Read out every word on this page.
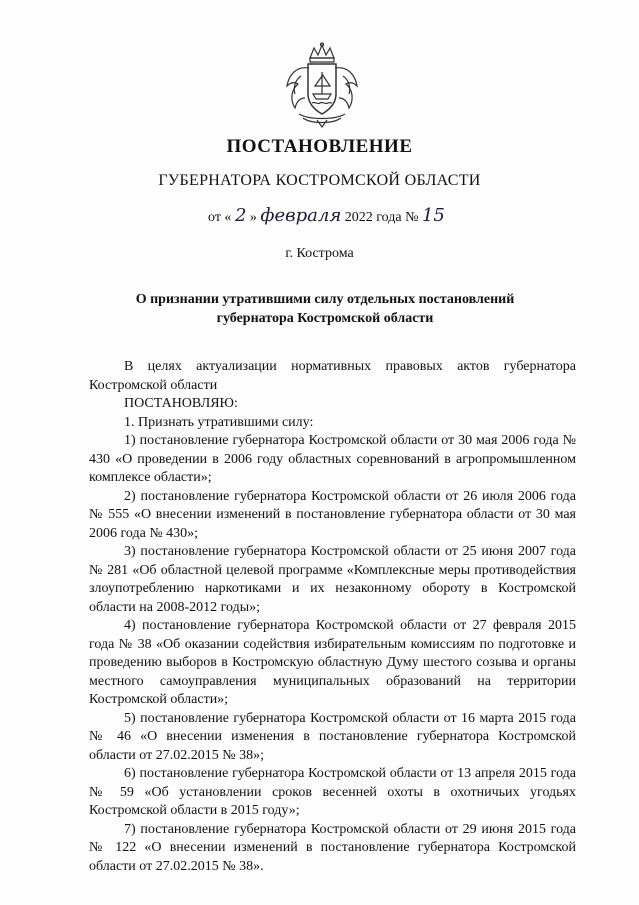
ПОСТАНОВЛЕНИЕ
ГУБЕРНАТОРА КОСТРОМСКОЙ ОБЛАСТИ
от « 2 » февраля 2022 года № 15
г. Кострома
О признании утратившими силу отдельных постановлений
губернатора Костромской области

В целях актуализации нормативных правовых актов губернатора Костромской области

ПОСТАНОВЛЯЮ:

1. Признать утратившими силу:

1) постановление губернатора Костромской области от 30 мая 2006 года № 430 «О проведении в 2006 году областных соревнований в агропромышленном комплексе области»;

2) постановление губернатора Костромской области от 26 июля 2006 года № 555 «О внесении изменений в постановление губернатора области от 30 мая 2006 года № 430»;

3) постановление губернатора Костромской области от 25 июня 2007 года № 281 «Об областной целевой программе «Комплексные меры противодействия злоупотреблению наркотиками и их незаконному обороту в Костромской области на 2008-2012 годы»;

4) постановление губернатора Костромской области от 27 февраля 2015 года № 38 «Об оказании содействия избирательным комиссиям по подготовке и проведению выборов в Костромскую областную Думу шестого созыва и органы местного самоуправления муниципальных образований на территории Костромской области»;

5) постановление губернатора Костромской области от 16 марта 2015 года № 46 «О внесении изменения в постановление губернатора Костромской области от 27.02.2015 № 38»;

6) постановление губернатора Костромской области от 13 апреля 2015 года № 59 «Об установлении сроков весенней охоты в охотничьих угодьях Костромской области в 2015 году»;

7) постановление губернатора Костромской области от 29 июня 2015 года № 122 «О внесении изменений в постановление губернатора Костромской области от 27.02.2015 № 38».
